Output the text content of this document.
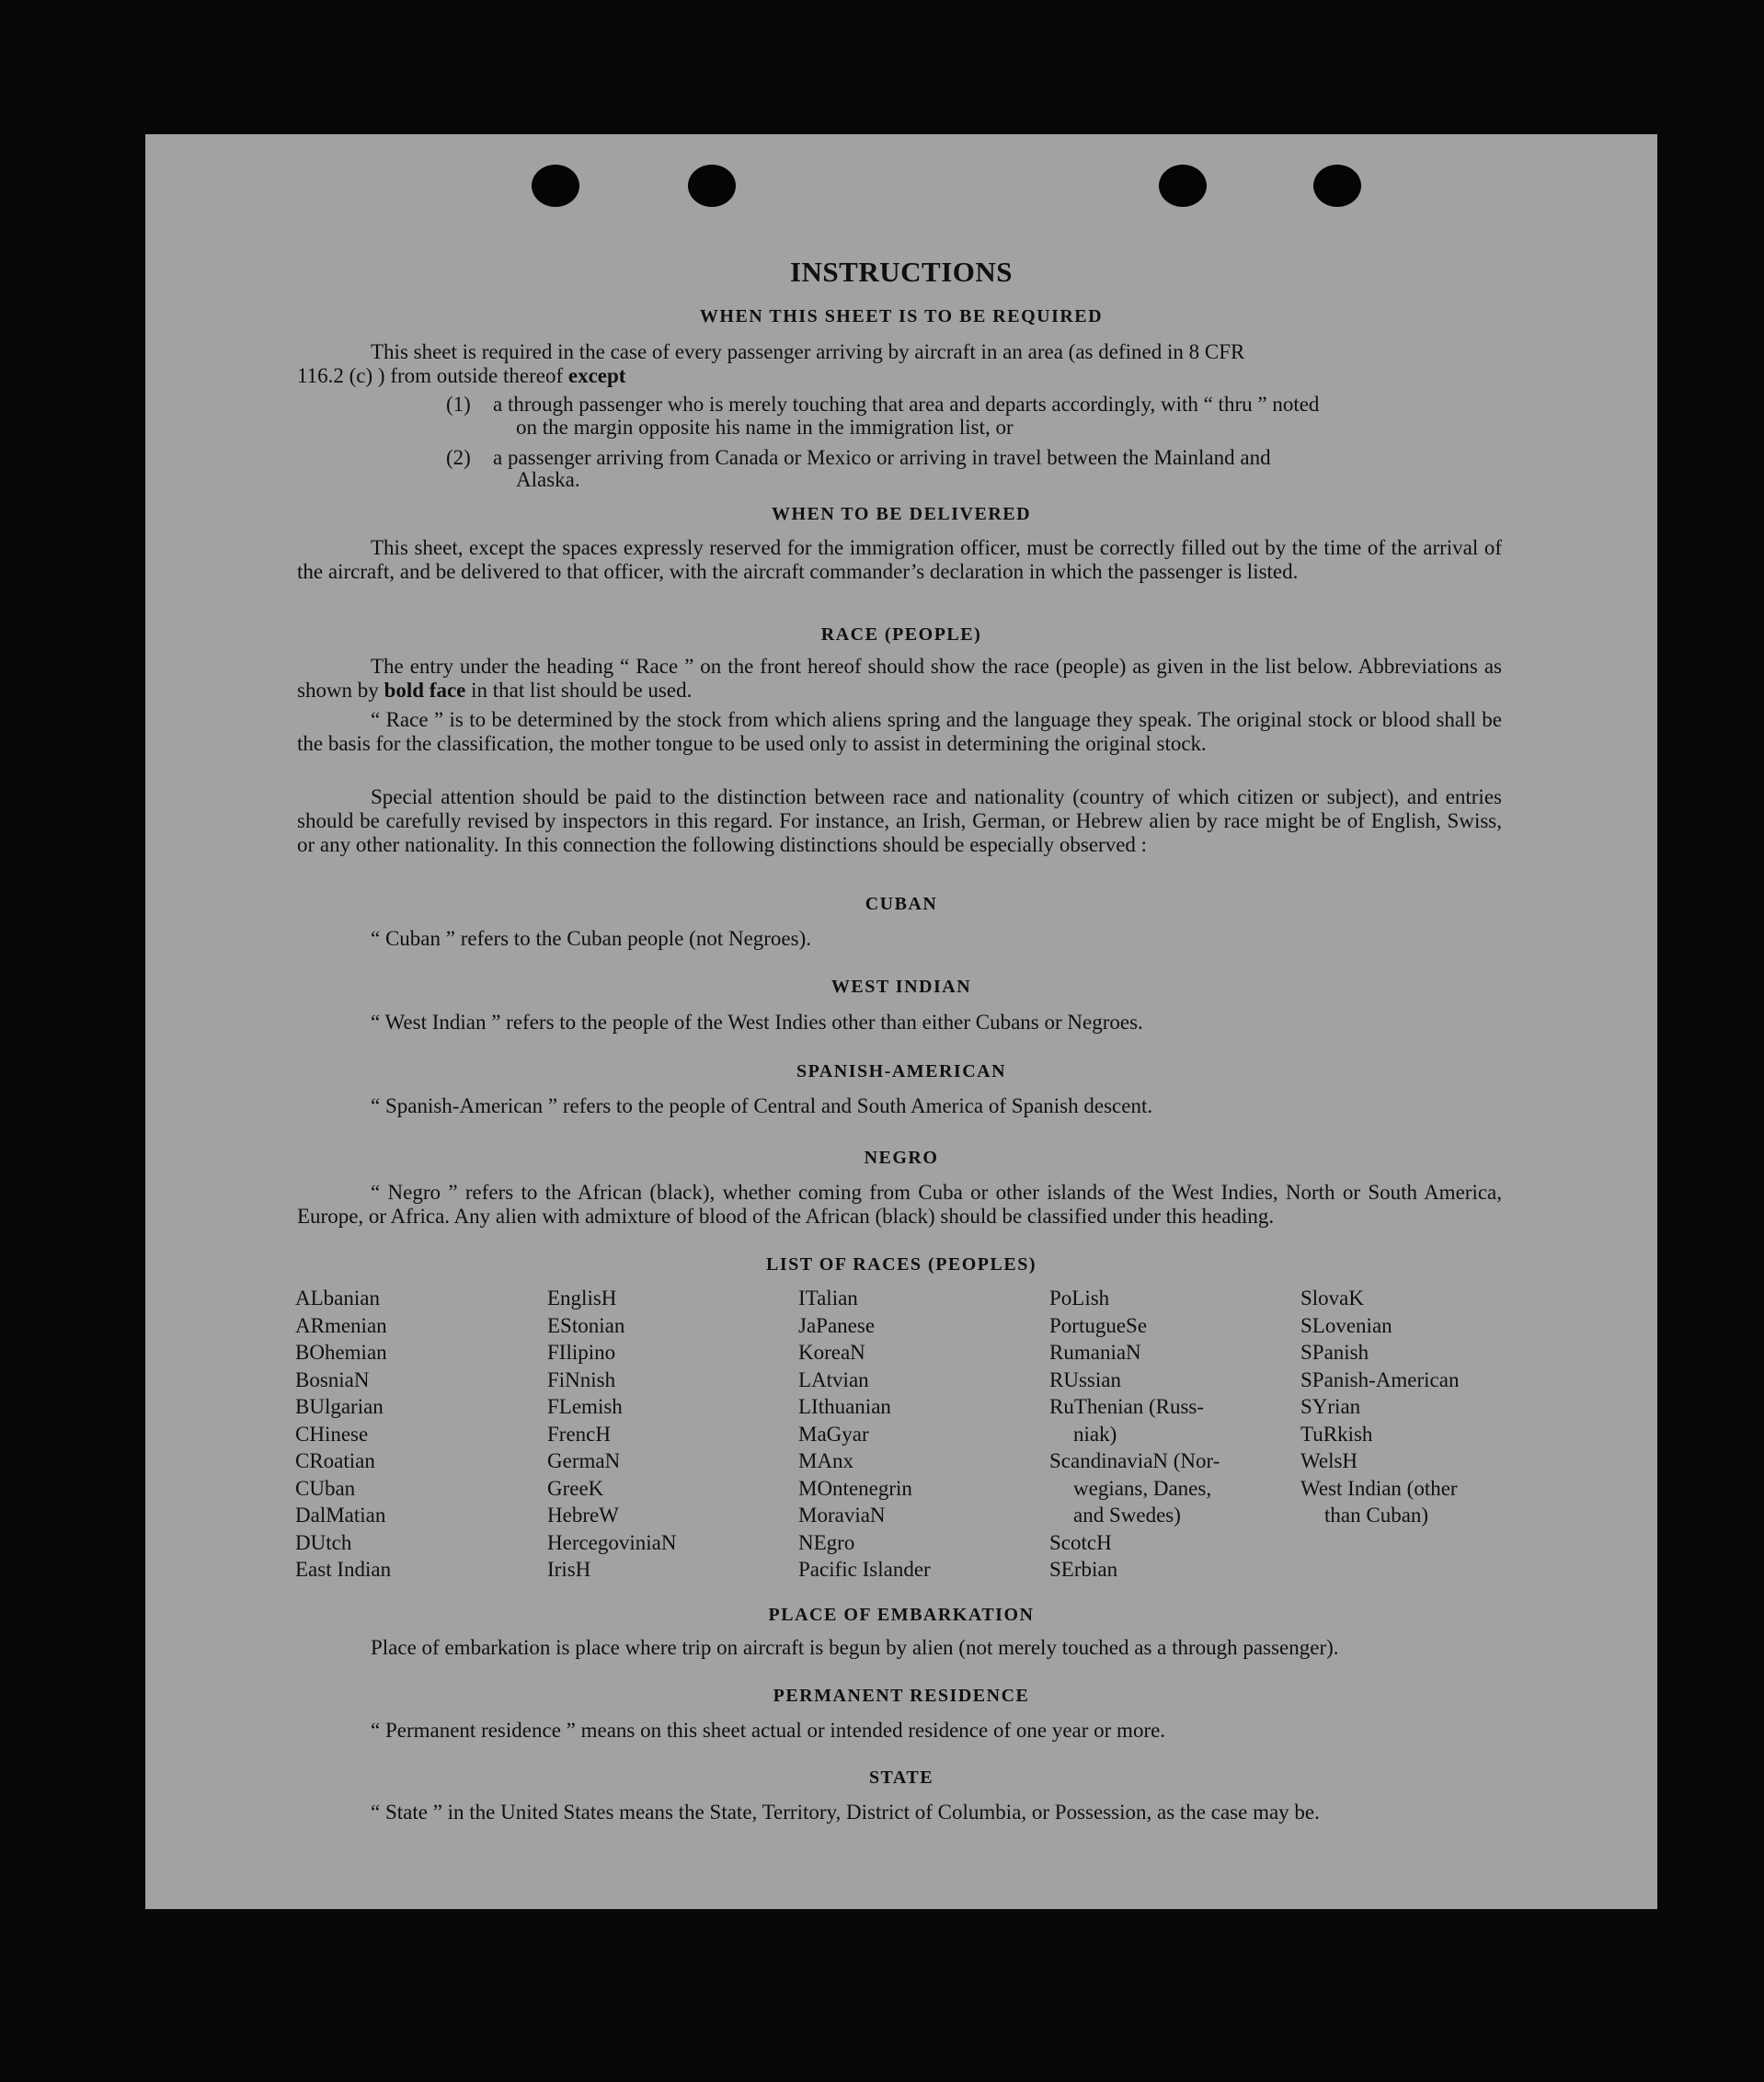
INSTRUCTIONS
WHEN THIS SHEET IS TO BE REQUIRED
This sheet is required in the case of every passenger arriving by aircraft in an area (as defined in 8 CFR
116.2 (c) ) from outside thereof except
(1) a through passenger who is merely touching that area and departs accordingly, with “ thru ” noted
on the margin opposite his name in the immigration list, or
(2) a passenger arriving from Canada or Mexico or arriving in travel between the Mainland and
Alaska.
WHEN TO BE DELIVERED
This sheet, except the spaces expressly reserved for the immigration officer, must be correctly filled out by the time of the arrival of the aircraft, and be delivered to that officer, with the aircraft commander’s declaration in which the passenger is listed.
RACE (PEOPLE)
The entry under the heading “ Race ” on the front hereof should show the race (people) as given in the list below. Abbreviations as shown by bold face in that list should be used.
“ Race ” is to be determined by the stock from which aliens spring and the language they speak. The original stock or blood shall be the basis for the classification, the mother tongue to be used only to assist in determining the original stock.
Special attention should be paid to the distinction between race and nationality (country of which citizen or subject), and entries should be carefully revised by inspectors in this regard. For instance, an Irish, German, or Hebrew alien by race might be of English, Swiss, or any other nationality. In this connection the following distinctions should be especially observed :
CUBAN
“ Cuban ” refers to the Cuban people (not Negroes).
WEST INDIAN
“ West Indian ” refers to the people of the West Indies other than either Cubans or Negroes.
SPANISH-AMERICAN
“ Spanish-American ” refers to the people of Central and South America of Spanish descent.
NEGRO
“ Negro ” refers to the African (black), whether coming from Cuba or other islands of the West Indies, North or South America, Europe, or Africa. Any alien with admixture of blood of the African (black) should be classified under this heading.
LIST OF RACES (PEOPLES)
ALbanian
ARmenian
BOhemian
BosniaN
BUlgarian
CHinese
CRoatian
CUban
DalMatian
DUtch
East Indian
EnglisH
EStonian
FIlipino
FiNnish
FLemish
FrencH
GermaN
GreeK
HebreW
HercegoviniaN
IrisH
ITalian
JaPanese
KoreaN
LAtvian
LIthuanian
MaGyar
MAnx
MOntenegrin
MoraviaN
NEgro
Pacific Islander
PoLish
PortugueSe
RumaniaN
RUssian
RuThenian (Russ-
niak)
ScandinaviaN (Nor-
wegians, Danes,
and Swedes)
ScotcH
SErbian
SlovaK
SLovenian
SPanish
SPanish-American
SYrian
TuRkish
WelsH
West Indian (other
than Cuban)
PLACE OF EMBARKATION
Place of embarkation is place where trip on aircraft is begun by alien (not merely touched as a through passenger).
PERMANENT RESIDENCE
“ Permanent residence ” means on this sheet actual or intended residence of one year or more.
STATE
“ State ” in the United States means the State, Territory, District of Columbia, or Possession, as the case may be.
